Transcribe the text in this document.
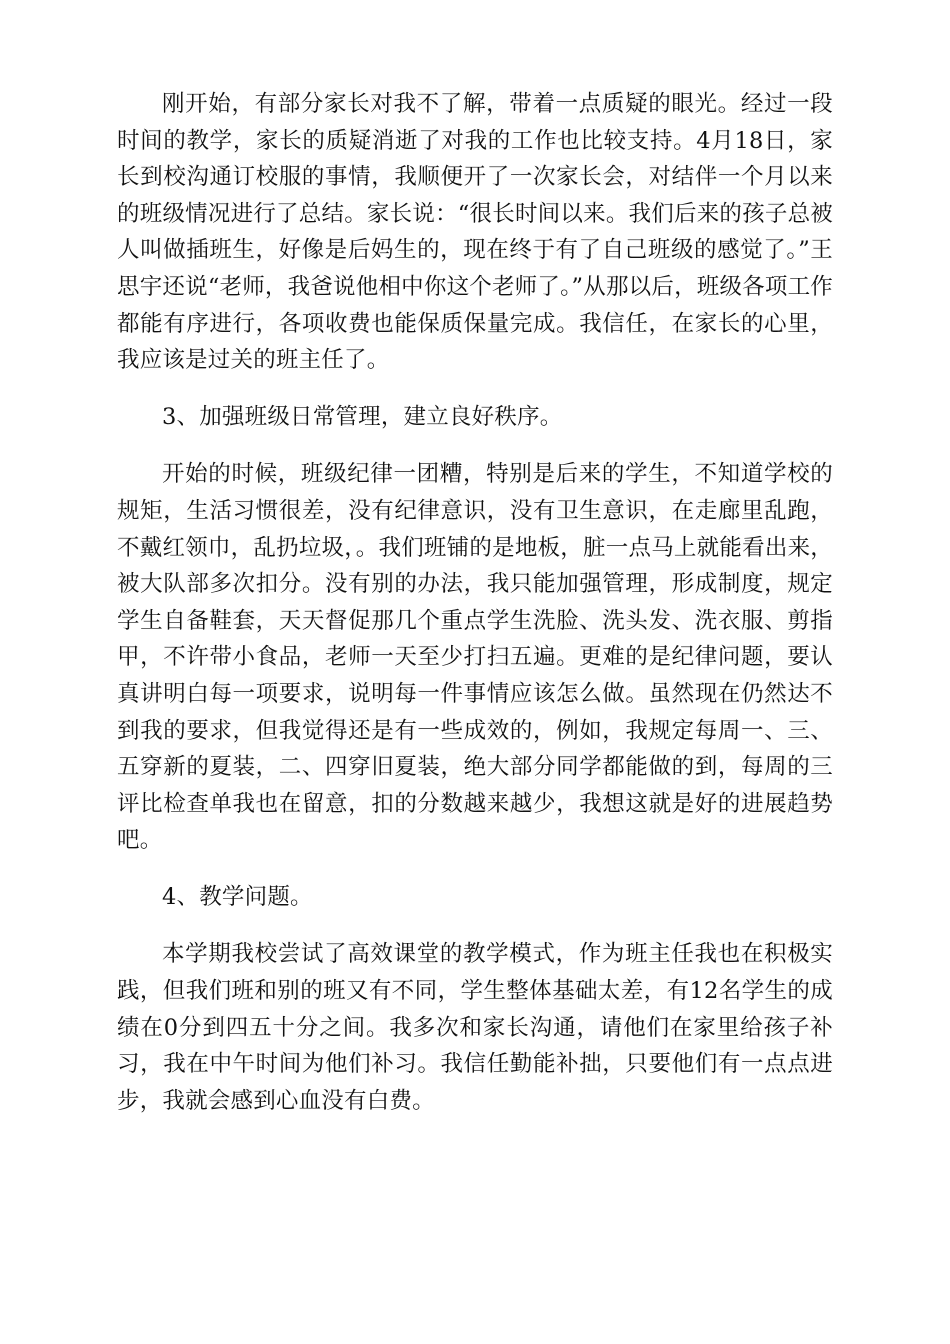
刚开始，有部分家长对我不了解，带着一点质疑的眼光。经过一段时间的教学，家长的质疑消逝了对我的工作也比较支持。4月18日，家长到校沟通订校服的事情，我顺便开了一次家长会，对结伴一个月以来的班级情况进行了总结。家长说：“很长时间以来。我们后来的孩子总被人叫做插班生，好像是后妈生的，现在终于有了自己班级的感觉了。”王思宇还说“老师，我爸说他相中你这个老师了。”从那以后，班级各项工作都能有序进行，各项收费也能保质保量完成。我信任，在家长的心里，我应该是过关的班主任了。

3、加强班级日常管理，建立良好秩序。

开始的时候，班级纪律一团糟，特别是后来的学生，不知道学校的规矩，生活习惯很差，没有纪律意识，没有卫生意识，在走廊里乱跑，不戴红领巾，乱扔垃圾，。我们班铺的是地板，脏一点马上就能看出来，被大队部多次扣分。没有别的办法，我只能加强管理，形成制度，规定学生自备鞋套，天天督促那几个重点学生洗脸、洗头发、洗衣服、剪指甲，不许带小食品，老师一天至少打扫五遍。更难的是纪律问题，要认真讲明白每一项要求，说明每一件事情应该怎么做。虽然现在仍然达不到我的要求，但我觉得还是有一些成效的，例如，我规定每周一、三、五穿新的夏装，二、四穿旧夏装，绝大部分同学都能做的到，每周的三评比检查单我也在留意，扣的分数越来越少，我想这就是好的进展趋势吧。

4、教学问题。

本学期我校尝试了高效课堂的教学模式，作为班主任我也在积极实践，但我们班和别的班又有不同，学生整体基础太差，有12名学生的成绩在0分到四五十分之间。我多次和家长沟通，请他们在家里给孩子补习，我在中午时间为他们补习。我信任勤能补拙，只要他们有一点点进步，我就会感到心血没有白费。
